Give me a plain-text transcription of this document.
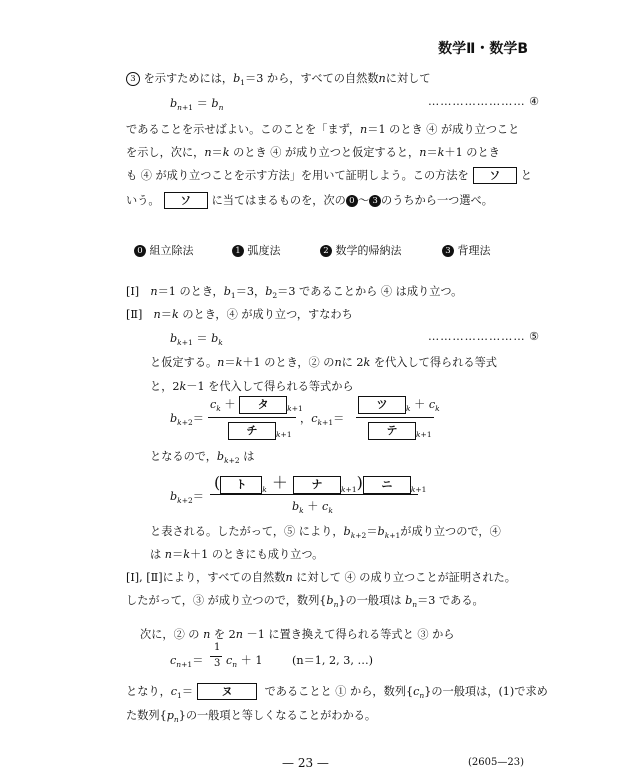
数学Ⅱ・数学B
3 を示すためには，$b_1=3$ から，すべての自然数nに対して
$b_{n+1} = b_n$	…………………… ④
であることを示せばよい。このことを「まず，n＝1 のとき ④ が成り立つこと
を示し，次に，n＝k のとき ④ が成り立つと仮定すると，n＝k＋1 のとき
も ④ が成り立つことを示す方法」を用いて証明しよう。この方法を ソ と
いう。 ソ に当てはまるものを，次の 0 ～ 3 のうちから一つ選べ。
0 組立除法	1 弧度法	2 数学的帰納法	3 背理法
[Ⅰ]　 n＝1 のとき，$b_1=3$，$b_2=3$ であることから ④ は成り立つ。
[Ⅱ]　 n＝k のとき，④ が成り立つ，すなわち
$b_{k+1} = b_k$	…………………… ⑤
と仮定する。n＝k＋1 のとき，② のnに 2k を代入して得られる等式
と，2k－1 を代入して得られる等式から
$b_{k+2}=$
$c_k$ ＋ タ $_{k+1}$
チ $_{k+1}$
，$c_{k+1}=$
ツ $_k + c_k$
テ $_{k+1}$
となるので，$b_{k+2}$ は
$b_{k+2}=$
( ト $_k$ ＋ ナ $_{k+1}$) ニ $_{k+1}$
$b_k + c_k$
と表される。したがって，⑤ により，$b_{k+2}=b_{k+1}$が成り立つので，④
は n＝k＋1 のときにも成り立つ。
[Ⅰ], [Ⅱ]により，すべての自然数n に対して ④ の成り立つことが証明された。
したがって，③ が成り立つので，数列$\{b_n\}$の一般項は $b_n=3$ である。
次に，② の n を 2n －1 に置き換えて得られる等式と ③ から
$c_{n+1}=$
1
3 $c_n + 1$	(n＝1, 2, 3, …)
となり，$c_1=$	ヌ	であることと ① から，数列$\{c_n\}$の一般項は，(1)で求め
た数列$\{p_n\}$の一般項と等しくなることがわかる。
— 23 —	(2605—23)
